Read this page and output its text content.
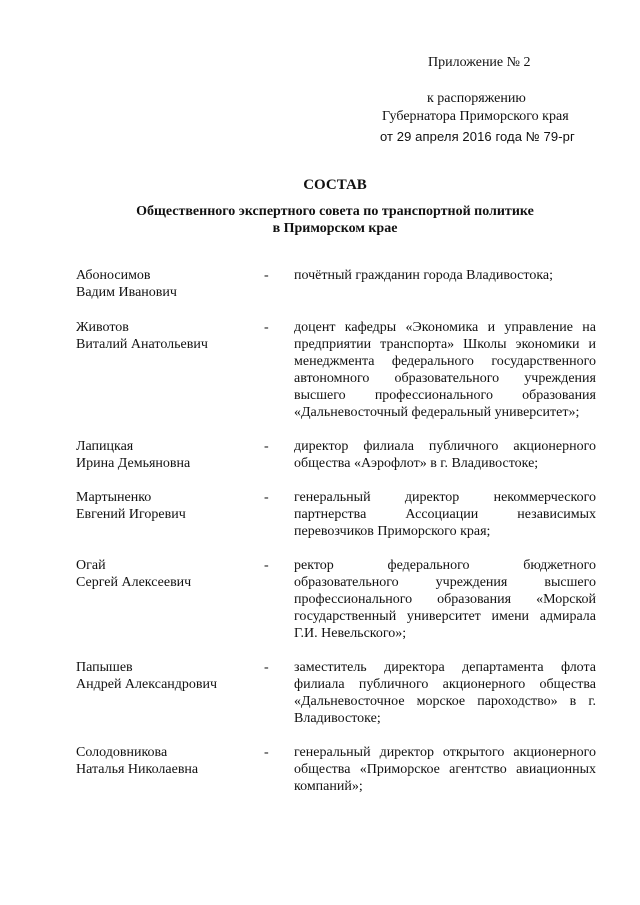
Приложение № 2
к распоряжению
Губернатора Приморского края
от 29 апреля 2016 года № 79-рг
СОСТАВ
Общественного экспертного совета по транспортной политике
в Приморском крае
Абоносимов
Вадим Иванович
-	почётный гражданин города Владивостока;
Животов
Виталий Анатольевич
-	доцент кафедры «Экономика и управление на предприятии транспорта» Школы экономики и менеджмента федерального государственного автономного образовательного учреждения высшего профессионального образования «Дальневосточный федеральный университет»;
Лапицкая
Ирина Демьяновна
-	директор филиала публичного акционерного общества «Аэрофлот» в г. Владивостоке;
Мартыненко
Евгений Игоревич
-	генеральный директор некоммерческого партнерства Ассоциации независимых перевозчиков Приморского края;
Огай
Сергей Алексеевич
-	ректор федерального бюджетного образовательного учреждения высшего профессионального образования «Морской государственный университет имени адмирала Г.И. Невельского»;
Папышев
Андрей Александрович
-	заместитель директора департамента флота филиала публичного акционерного общества «Дальневосточное морское пароходство» в г. Владивостоке;
Солодовникова
Наталья Николаевна
-	генеральный директор открытого акционерного общества «Приморское агентство авиационных компаний»;
